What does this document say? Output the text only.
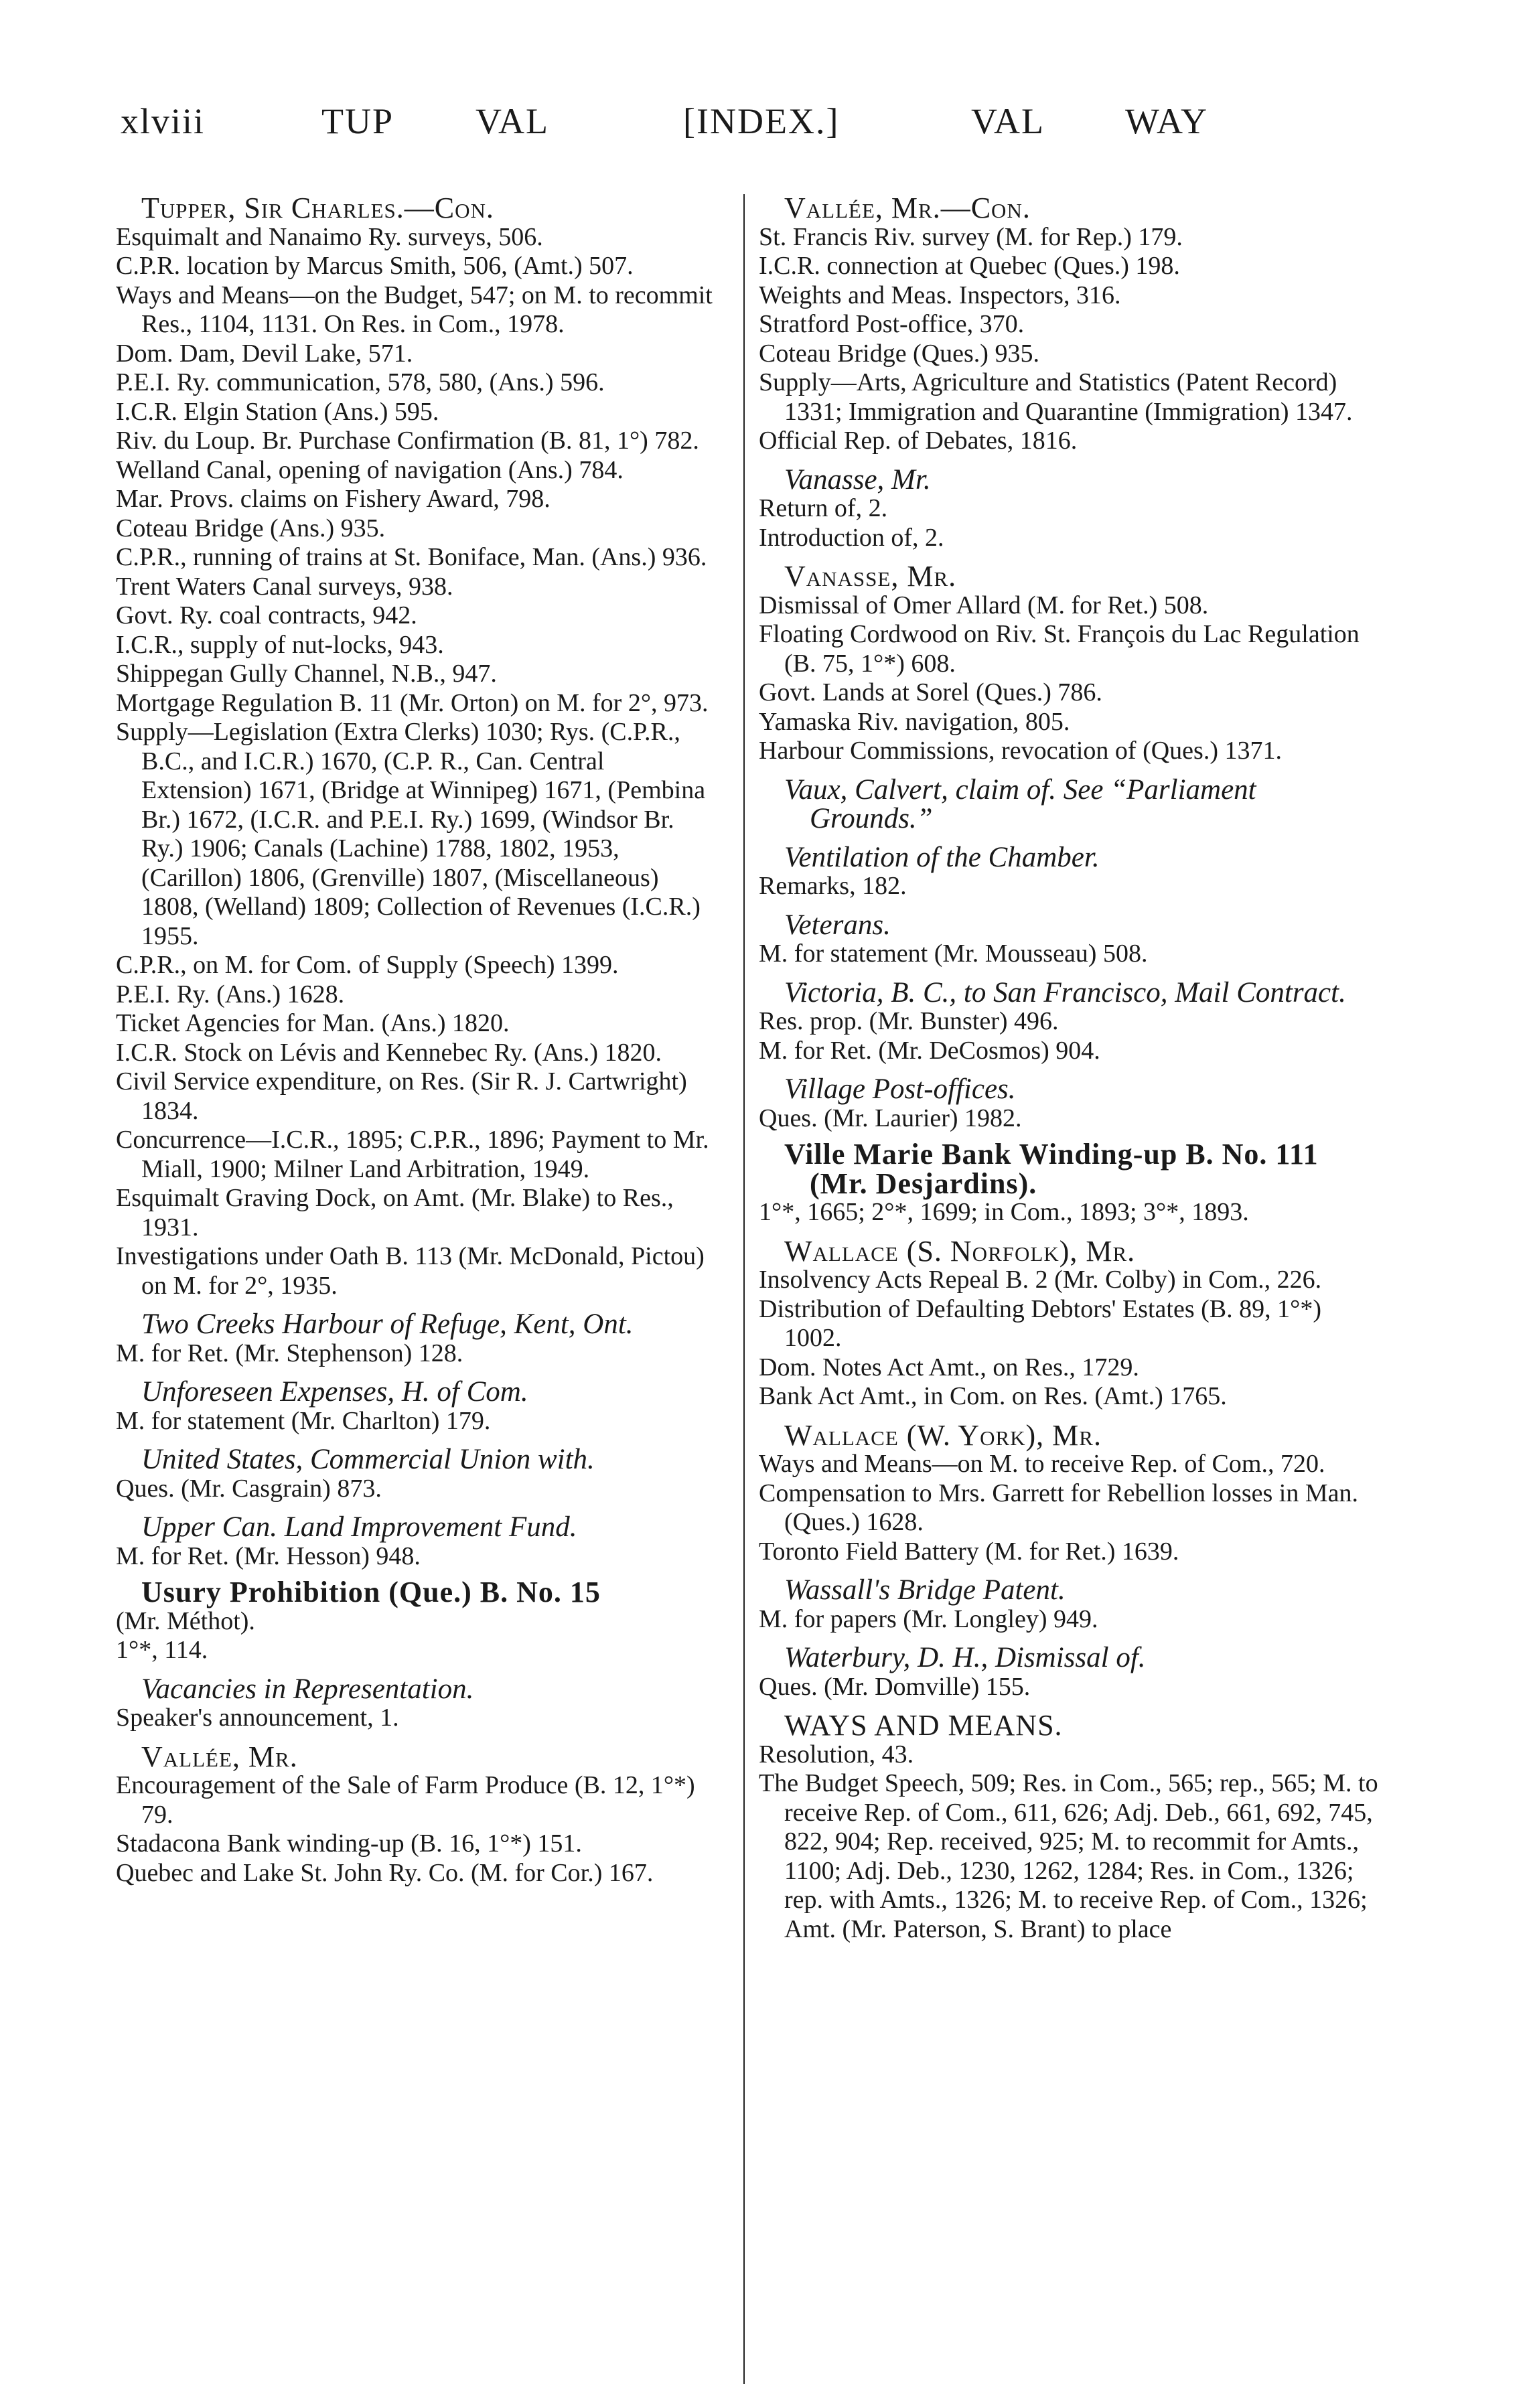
xlviii	TUP VAL	[INDEX.]	VAL WAY

Tupper, Sir Charles.—Con.

Esquimalt and Nanaimo Ry. surveys, 506.

C.P.R. location by Marcus Smith, 506, (Amt.) 507.

Ways and Means—on the Budget, 547; on M. to recommit Res., 1104, 1131. On Res. in Com., 1978.

Dom. Dam, Devil Lake, 571.

P.E.I. Ry. communication, 578, 580, (Ans.) 596.

I.C.R. Elgin Station (Ans.) 595.

Riv. du Loup. Br. Purchase Confirmation (B. 81, 1°) 782.

Welland Canal, opening of navigation (Ans.) 784.

Mar. Provs. claims on Fishery Award, 798.

Coteau Bridge (Ans.) 935.

C.P.R., running of trains at St. Boniface, Man. (Ans.) 936.

Trent Waters Canal surveys, 938.

Govt. Ry. coal contracts, 942.

I.C.R., supply of nut-locks, 943.

Shippegan Gully Channel, N.B., 947.

Mortgage Regulation B. 11 (Mr. Orton) on M. for 2°, 973.

Supply—Legislation (Extra Clerks) 1030; Rys. (C.P.R., B.C., and I.C.R.) 1670, (C.P. R., Can. Central Extension) 1671, (Bridge at Winnipeg) 1671, (Pembina Br.) 1672, (I.C.R. and P.E.I. Ry.) 1699, (Windsor Br. Ry.) 1906; Canals (Lachine) 1788, 1802, 1953, (Carillon) 1806, (Grenville) 1807, (Miscellaneous) 1808, (Welland) 1809; Collection of Revenues (I.C.R.) 1955.

C.P.R., on M. for Com. of Supply (Speech) 1399.

P.E.I. Ry. (Ans.) 1628.

Ticket Agencies for Man. (Ans.) 1820.

I.C.R. Stock on Lévis and Kennebec Ry. (Ans.) 1820.

Civil Service expenditure, on Res. (Sir R. J. Cartwright) 1834.

Concurrence—I.C.R., 1895; C.P.R., 1896; Payment to Mr. Miall, 1900; Milner Land Arbitration, 1949.

Esquimalt Graving Dock, on Amt. (Mr. Blake) to Res., 1931.

Investigations under Oath B. 113 (Mr. McDonald, Pictou) on M. for 2°, 1935.

Two Creeks Harbour of Refuge, Kent, Ont.

M. for Ret. (Mr. Stephenson) 128.

Unforeseen Expenses, H. of Com.

M. for statement (Mr. Charlton) 179.

United States, Commercial Union with.

Ques. (Mr. Casgrain) 873.

Upper Can. Land Improvement Fund.

M. for Ret. (Mr. Hesson) 948.

Usury Prohibition (Que.) B. No. 15

(Mr. Méthot).

1°*, 114.

Vacancies in Representation.

Speaker's announcement, 1.

Vallée, Mr.

Encouragement of the Sale of Farm Produce (B. 12, 1°*) 79.

Stadacona Bank winding-up (B. 16, 1°*) 151.

Quebec and Lake St. John Ry. Co. (M. for Cor.) 167.

Vallée, Mr.—Con.

St. Francis Riv. survey (M. for Rep.) 179.

I.C.R. connection at Quebec (Ques.) 198.

Weights and Meas. Inspectors, 316.

Stratford Post-office, 370.

Coteau Bridge (Ques.) 935.

Supply—Arts, Agriculture and Statistics (Patent Record) 1331; Immigration and Quarantine (Immigration) 1347.

Official Rep. of Debates, 1816.

Vanasse, Mr.

Return of, 2.

Introduction of, 2.

Vanasse, Mr.

Dismissal of Omer Allard (M. for Ret.) 508.

Floating Cordwood on Riv. St. François du Lac Regulation (B. 75, 1°*) 608.

Govt. Lands at Sorel (Ques.) 786.

Yamaska Riv. navigation, 805.

Harbour Commissions, revocation of (Ques.) 1371.

Vaux, Calvert, claim of. See “Parliament Grounds.”

Ventilation of the Chamber.

Remarks, 182.

Veterans.

M. for statement (Mr. Mousseau) 508.

Victoria, B. C., to San Francisco, Mail Contract.

Res. prop. (Mr. Bunster) 496.

M. for Ret. (Mr. DeCosmos) 904.

Village Post-offices.

Ques. (Mr. Laurier) 1982.

Ville Marie Bank Winding-up B. No. 111 (Mr. Desjardins).

1°*, 1665; 2°*, 1699; in Com., 1893; 3°*, 1893.

Wallace (S. Norfolk), Mr.

Insolvency Acts Repeal B. 2 (Mr. Colby) in Com., 226.

Distribution of Defaulting Debtors' Estates (B. 89, 1°*) 1002.

Dom. Notes Act Amt., on Res., 1729.

Bank Act Amt., in Com. on Res. (Amt.) 1765.

Wallace (W. York), Mr.

Ways and Means—on M. to receive Rep. of Com., 720.

Compensation to Mrs. Garrett for Rebellion losses in Man. (Ques.) 1628.

Toronto Field Battery (M. for Ret.) 1639.

Wassall's Bridge Patent.

M. for papers (Mr. Longley) 949.

Waterbury, D. H., Dismissal of.

Ques. (Mr. Domville) 155.

WAYS AND MEANS.

Resolution, 43.

The Budget Speech, 509; Res. in Com., 565; rep., 565; M. to receive Rep. of Com., 611, 626; Adj. Deb., 661, 692, 745, 822, 904; Rep. received, 925; M. to recommit for Amts., 1100; Adj. Deb., 1230, 1262, 1284; Res. in Com., 1326; rep. with Amts., 1326; M. to receive Rep. of Com., 1326; Amt. (Mr. Paterson, S. Brant) to place
